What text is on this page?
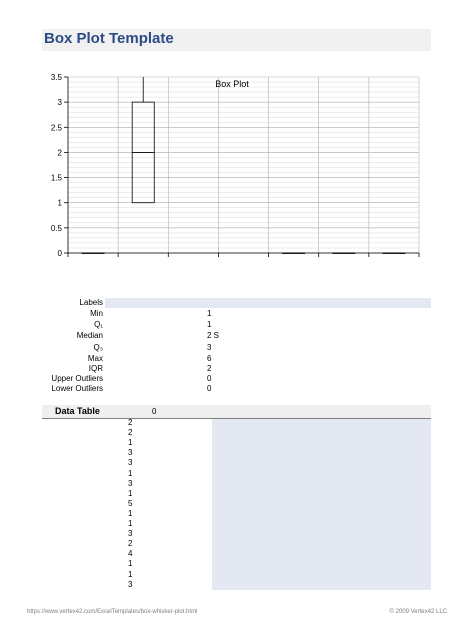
Box Plot Template
0
0.5
1
1.5
2
2.5
3
3.5
Box Plot
Labels
Min	1
Q₁	1
Median	2 S
Q₃	3
Max	6
IQR	2
Upper Outliers	0
Lower Outliers	0
Data Table	0
2
2
1
3
3
1
3
1
5
1
1
3
2
4
1
1
3
https://www.vertex42.com/ExcelTemplates/box-whisker-plot.html	© 2009 Vertex42 LLC
